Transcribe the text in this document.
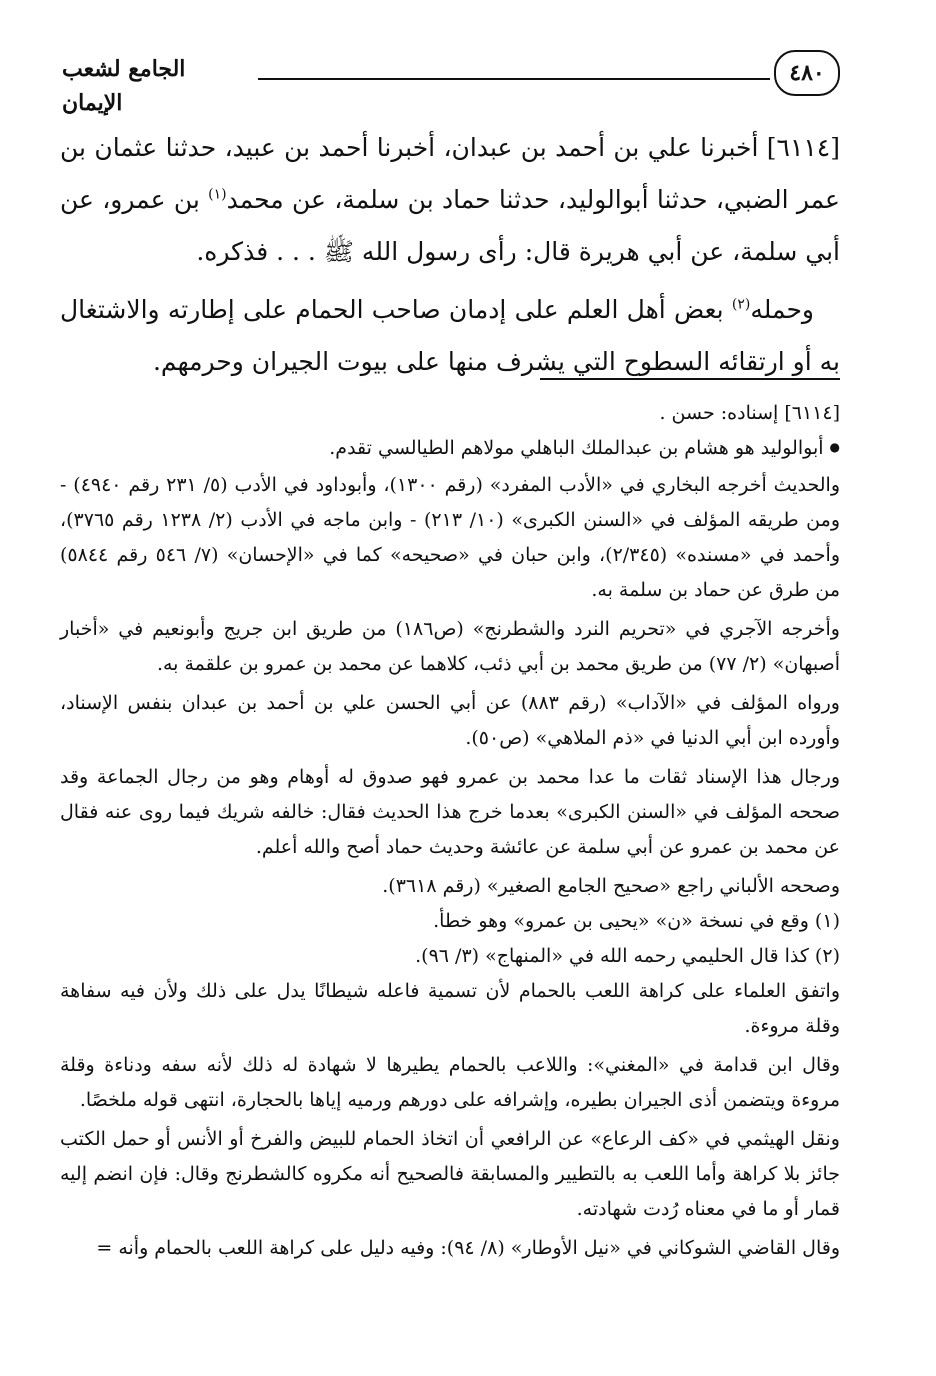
٤٨٠
الجامع لشعب الإيمان

[٦١١٤] أخبرنا علي بن أحمد بن عبدان، أخبرنا أحمد بن عبيد، حدثنا عثمان بن عمر الضبي، حدثنا أبوالوليد، حدثنا حماد بن سلمة، عن محمد$^{(١)}$ بن عمرو، عن أبي سلمة، عن أبي هريرة قال: رأى رسول الله ﷺ . . . فذكره.

وحمله$^{(٢)}$ بعض أهل العلم على إدمان صاحب الحمام على إطارته والاشتغال به أو ارتقائه السطوح التي يشرف منها على بيوت الجيران وحرمهم.

[٦١١٤] إسناده: حسن .

● أبوالوليد هو هشام بن عبدالملك الباهلي مولاهم الطيالسي تقدم.

والحديث أخرجه البخاري في «الأدب المفرد» (رقم ١٣٠٠)، وأبوداود في الأدب (٥/ ٢٣١ رقم ٤٩٤٠) - ومن طريقه المؤلف في «السنن الكبرى» (١٠/ ٢١٣) - وابن ماجه في الأدب (٢/ ١٢٣٨ رقم ٣٧٦٥)، وأحمد في «مسنده» (٢/٣٤٥)، وابن حبان في «صحيحه» كما في «الإحسان» (٧/ ٥٤٦ رقم ٥٨٤٤) من طرق عن حماد بن سلمة به.

وأخرجه الآجري في «تحريم النرد والشطرنج» (ص١٨٦) من طريق ابن جريج وأبونعيم في «أخبار أصبهان» (٢/ ٧٧) من طريق محمد بن أبي ذئب، كلاهما عن محمد بن عمرو بن علقمة به.

ورواه المؤلف في «الآداب» (رقم ٨٨٣) عن أبي الحسن علي بن أحمد بن عبدان بنفس الإسناد، وأورده ابن أبي الدنيا في «ذم الملاهي» (ص٥٠).

ورجال هذا الإسناد ثقات ما عدا محمد بن عمرو فهو صدوق له أوهام وهو من رجال الجماعة وقد صححه المؤلف في «السنن الكبرى» بعدما خرج هذا الحديث فقال: خالفه شريك فيما روى عنه فقال عن محمد بن عمرو عن أبي سلمة عن عائشة وحديث حماد أصح والله أعلم.

وصححه الألباني راجع «صحيح الجامع الصغير» (رقم ٣٦١٨).

(١) وقع في نسخة «ن» «يحيى بن عمرو» وهو خطأ.

(٢) كذا قال الحليمي رحمه الله في «المنهاج» (٣/ ٩٦).

واتفق العلماء على كراهة اللعب بالحمام لأن تسمية فاعله شيطانًا يدل على ذلك ولأن فيه سفاهة وقلة مروءة.

وقال ابن قدامة في «المغني»: واللاعب بالحمام يطيرها لا شهادة له ذلك لأنه سفه ودناءة وقلة مروءة ويتضمن أذى الجيران بطيره، وإشرافه على دورهم ورميه إياها بالحجارة، انتهى قوله ملخصًا.

ونقل الهيثمي في «كف الرعاع» عن الرافعي أن اتخاذ الحمام للبيض والفرخ أو الأنس أو حمل الكتب جائز بلا كراهة وأما اللعب به بالتطيير والمسابقة فالصحيح أنه مكروه كالشطرنج وقال: فإن انضم إليه قمار أو ما في معناه رُدت شهادته.

وقال القاضي الشوكاني في «نيل الأوطار» (٨/ ٩٤): وفيه دليل على كراهة اللعب بالحمام وأنه =
